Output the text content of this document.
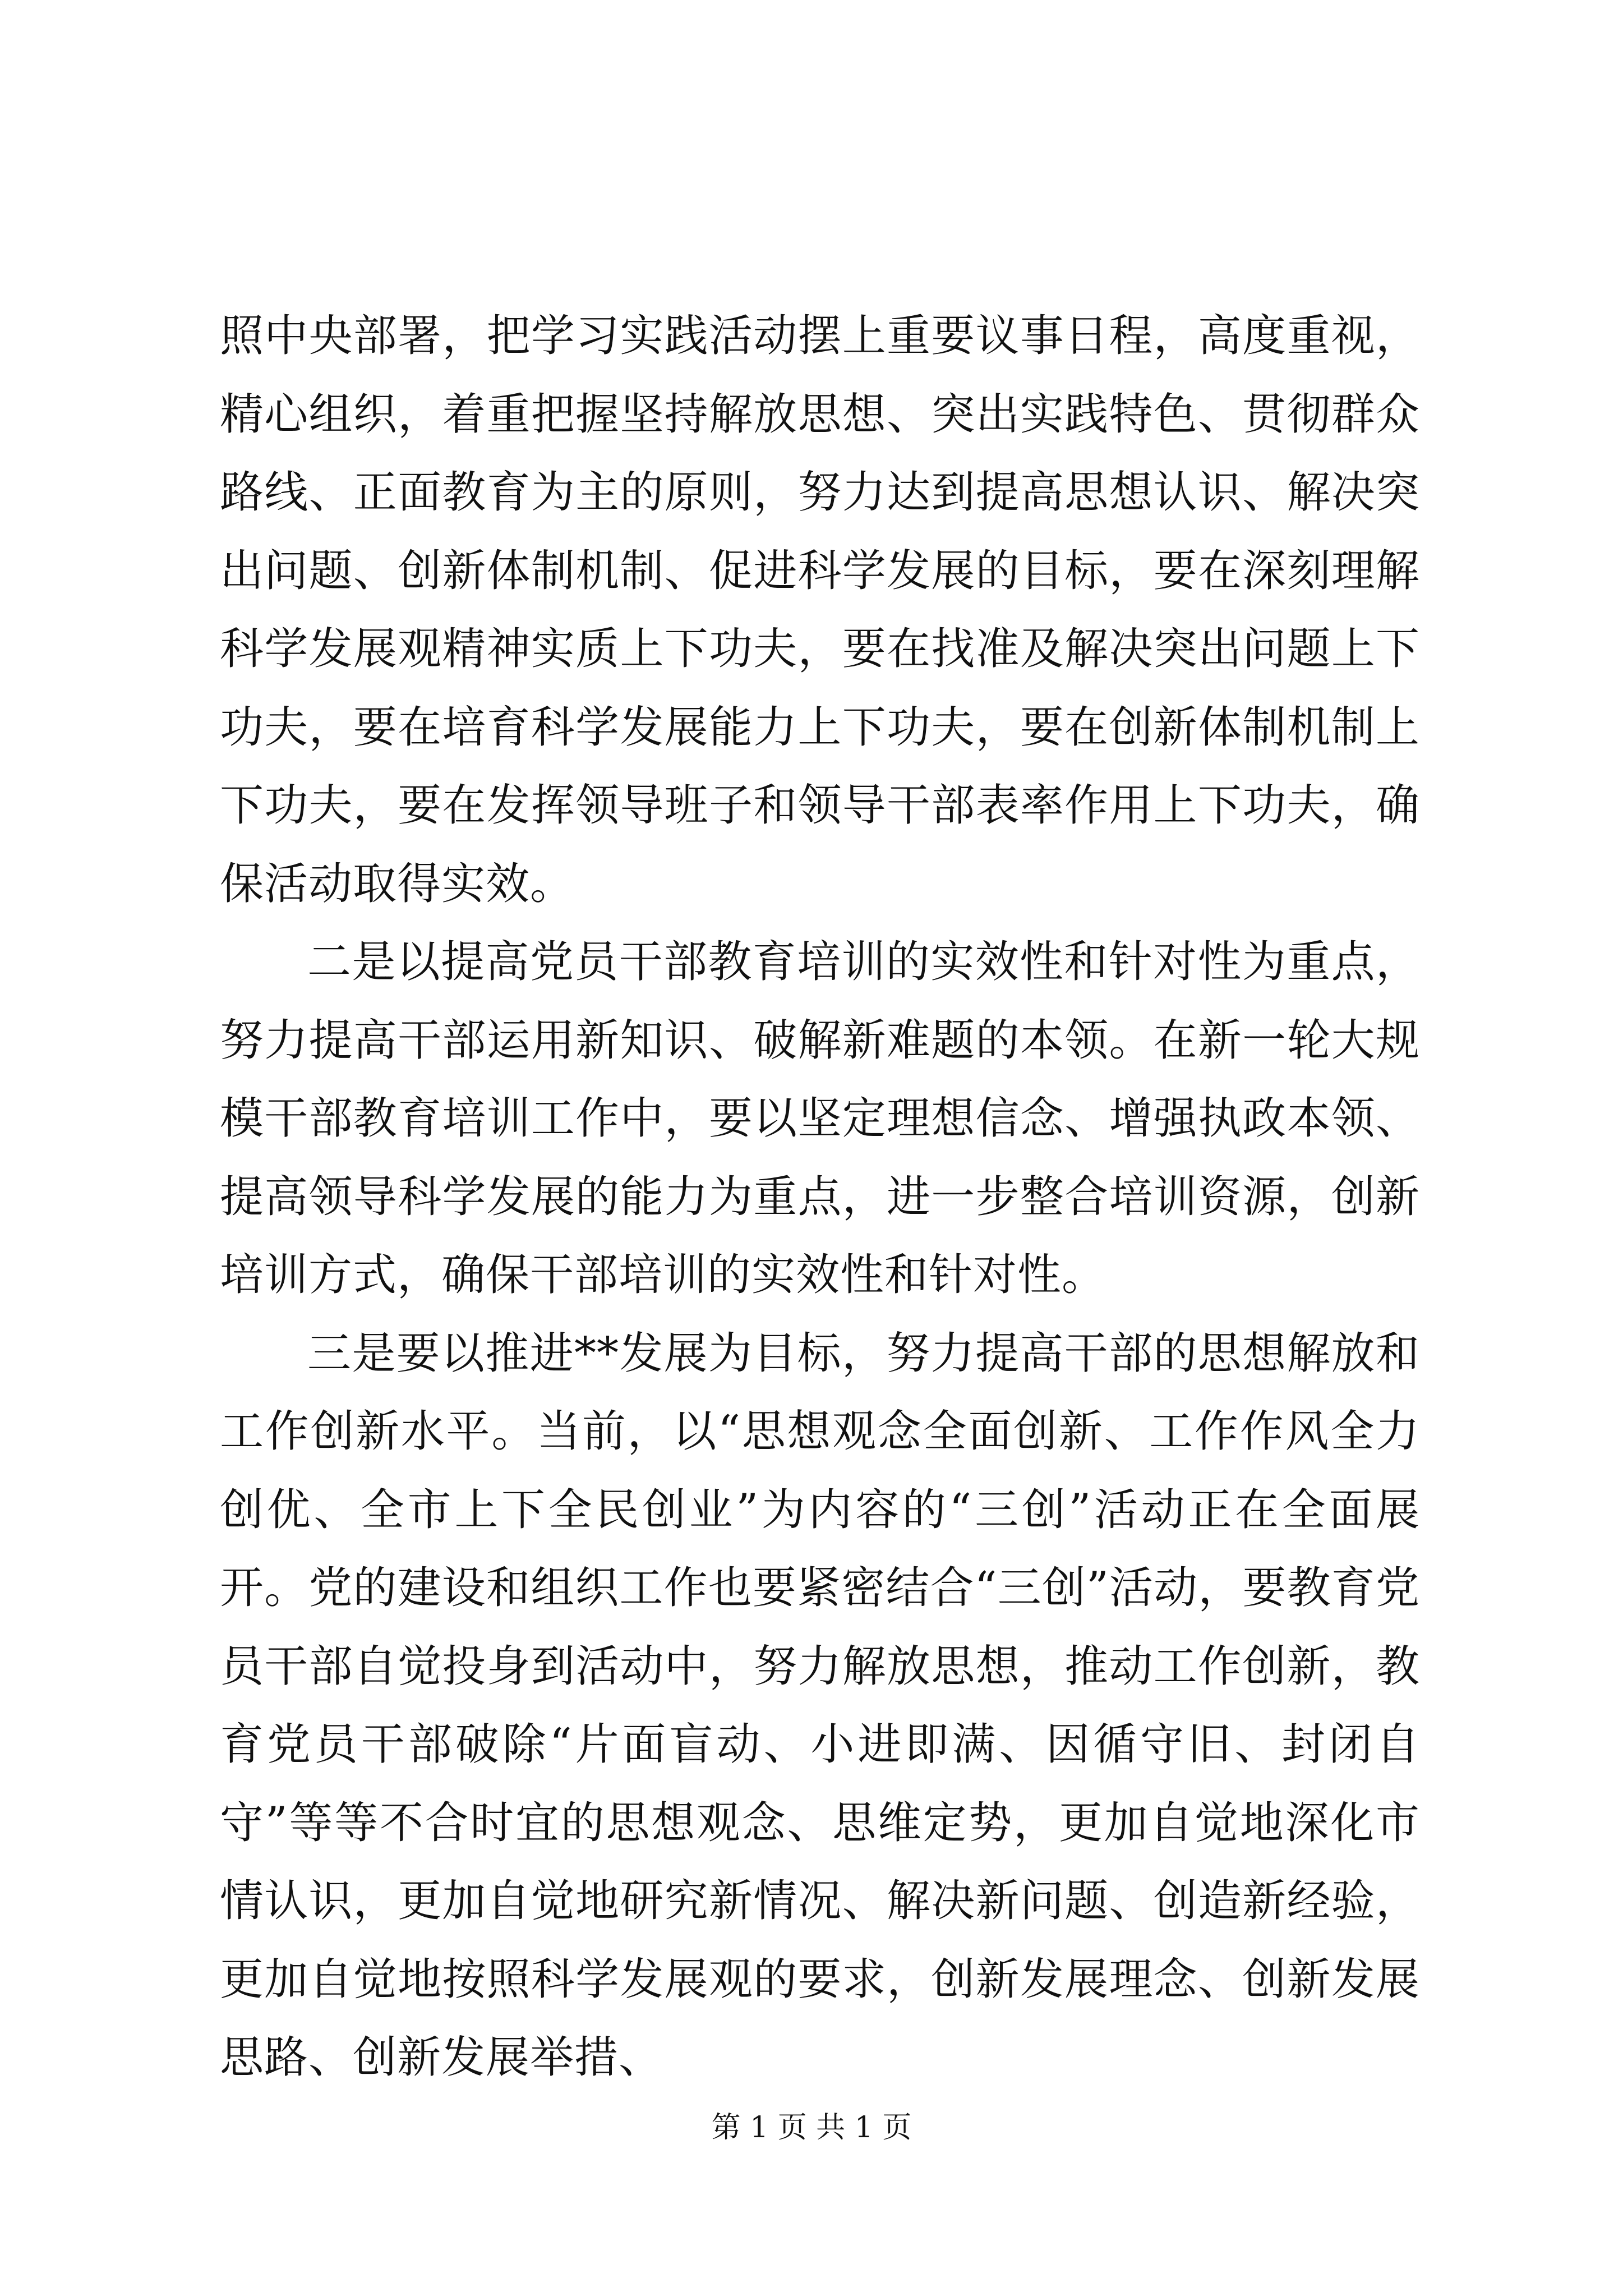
照中央部署，把学习实践活动摆上重要议事日程，高度重视，精心组织，着重把握坚持解放思想、突出实践特色、贯彻群众路线、正面教育为主的原则，努力达到提高思想认识、解决突出问题、创新体制机制、促进科学发展的目标，要在深刻理解科学发展观精神实质上下功夫，要在找准及解决突出问题上下功夫，要在培育科学发展能力上下功夫，要在创新体制机制上下功夫，要在发挥领导班子和领导干部表率作用上下功夫，确保活动取得实效。

二是以提高党员干部教育培训的实效性和针对性为重点，努力提高干部运用新知识、破解新难题的本领。在新一轮大规模干部教育培训工作中，要以坚定理想信念、增强执政本领、提高领导科学发展的能力为重点，进一步整合培训资源，创新培训方式，确保干部培训的实效性和针对性。

三是要以推进**发展为目标，努力提高干部的思想解放和工作创新水平。当前，以“思想观念全面创新、工作作风全力创优、全市上下全民创业”为内容的“三创”活动正在全面展开。党的建设和组织工作也要紧密结合“三创”活动，要教育党员干部自觉投身到活动中，努力解放思想，推动工作创新，教育党员干部破除“片面盲动、小进即满、因循守旧、封闭自守”等等不合时宜的思想观念、思维定势，更加自觉地深化市情认识，更加自觉地研究新情况、解决新问题、创造新经验，更加自觉地按照科学发展观的要求，创新发展理念、创新发展思路、创新发展举措、

第 1 页 共 1 页
